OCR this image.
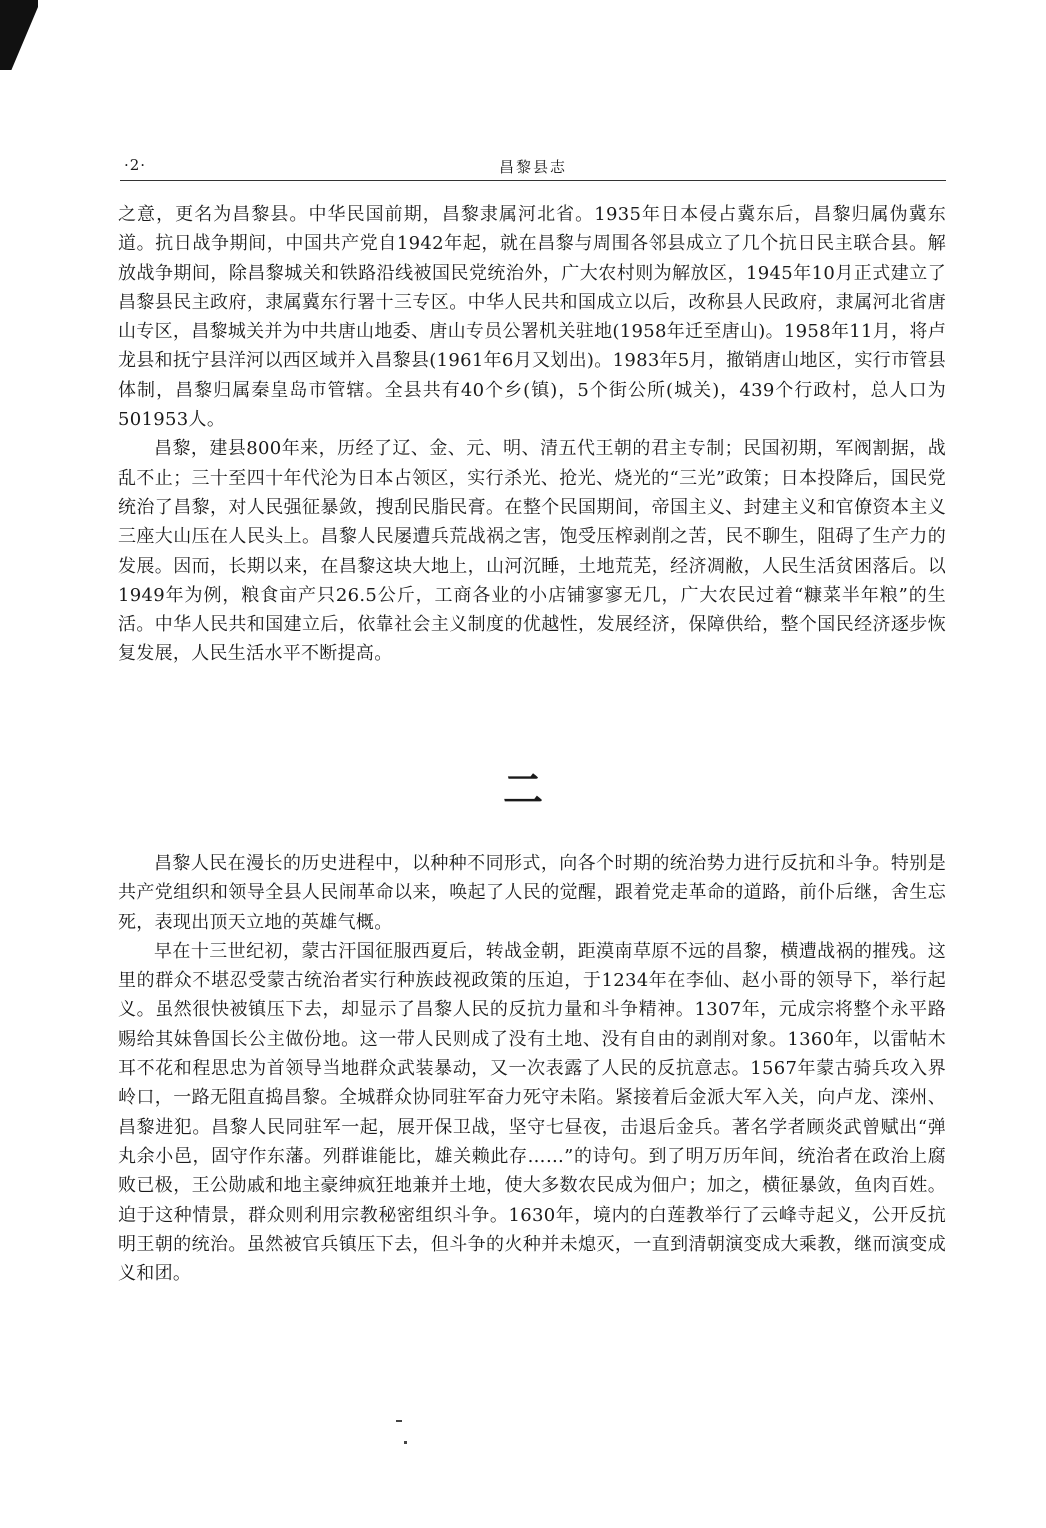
·2·	昌黎县志

之意，更名为昌黎县。中华民国前期，昌黎隶属河北省。1935年日本侵占冀东后，昌黎归属伪冀东道。抗日战争期间，中国共产党自1942年起，就在昌黎与周围各邻县成立了几个抗日民主联合县。解放战争期间，除昌黎城关和铁路沿线被国民党统治外，广大农村则为解放区，1945年10月正式建立了昌黎县民主政府，隶属冀东行署十三专区。中华人民共和国成立以后，改称县人民政府，隶属河北省唐山专区，昌黎城关并为中共唐山地委、唐山专员公署机关驻地(1958年迁至唐山)。1958年11月，将卢龙县和抚宁县洋河以西区域并入昌黎县(1961年6月又划出)。1983年5月，撤销唐山地区，实行市管县体制，昌黎归属秦皇岛市管辖。全县共有40个乡(镇)，5个街公所(城关)，439个行政村，总人口为501953人。

昌黎，建县800年来，历经了辽、金、元、明、清五代王朝的君主专制；民国初期，军阀割据，战乱不止；三十至四十年代沦为日本占领区，实行杀光、抢光、烧光的“三光”政策；日本投降后，国民党统治了昌黎，对人民强征暴敛，搜刮民脂民膏。在整个民国期间，帝国主义、封建主义和官僚资本主义三座大山压在人民头上。昌黎人民屡遭兵荒战祸之害，饱受压榨剥削之苦，民不聊生，阻碍了生产力的发展。因而，长期以来，在昌黎这块大地上，山河沉睡，土地荒芜，经济凋敝，人民生活贫困落后。以1949年为例，粮食亩产只26.5公斤，工商各业的小店铺寥寥无几，广大农民过着“糠菜半年粮”的生活。中华人民共和国建立后，依靠社会主义制度的优越性，发展经济，保障供给，整个国民经济逐步恢复发展，人民生活水平不断提高。

二

昌黎人民在漫长的历史进程中，以种种不同形式，向各个时期的统治势力进行反抗和斗争。特别是共产党组织和领导全县人民闹革命以来，唤起了人民的觉醒，跟着党走革命的道路，前仆后继，舍生忘死，表现出顶天立地的英雄气概。

早在十三世纪初，蒙古汗国征服西夏后，转战金朝，距漠南草原不远的昌黎，横遭战祸的摧残。这里的群众不堪忍受蒙古统治者实行种族歧视政策的压迫，于1234年在李仙、赵小哥的领导下，举行起义。虽然很快被镇压下去，却显示了昌黎人民的反抗力量和斗争精神。1307年，元成宗将整个永平路赐给其妹鲁国长公主做份地。这一带人民则成了没有土地、没有自由的剥削对象。1360年，以雷帖木耳不花和程思忠为首领导当地群众武装暴动，又一次表露了人民的反抗意志。1567年蒙古骑兵攻入界岭口，一路无阻直捣昌黎。全城群众协同驻军奋力死守未陷。紧接着后金派大军入关，向卢龙、滦州、昌黎进犯。昌黎人民同驻军一起，展开保卫战，坚守七昼夜，击退后金兵。著名学者顾炎武曾赋出“弹丸余小邑，固守作东藩。列群谁能比，雄关赖此存……”的诗句。到了明万历年间，统治者在政治上腐败已极，王公勋戚和地主豪绅疯狂地兼并土地，使大多数农民成为佃户；加之，横征暴敛，鱼肉百姓。迫于这种情景，群众则利用宗教秘密组织斗争。1630年，境内的白莲教举行了云峰寺起义，公开反抗明王朝的统治。虽然被官兵镇压下去，但斗争的火种并未熄灭，一直到清朝演变成大乘教，继而演变成义和团。
